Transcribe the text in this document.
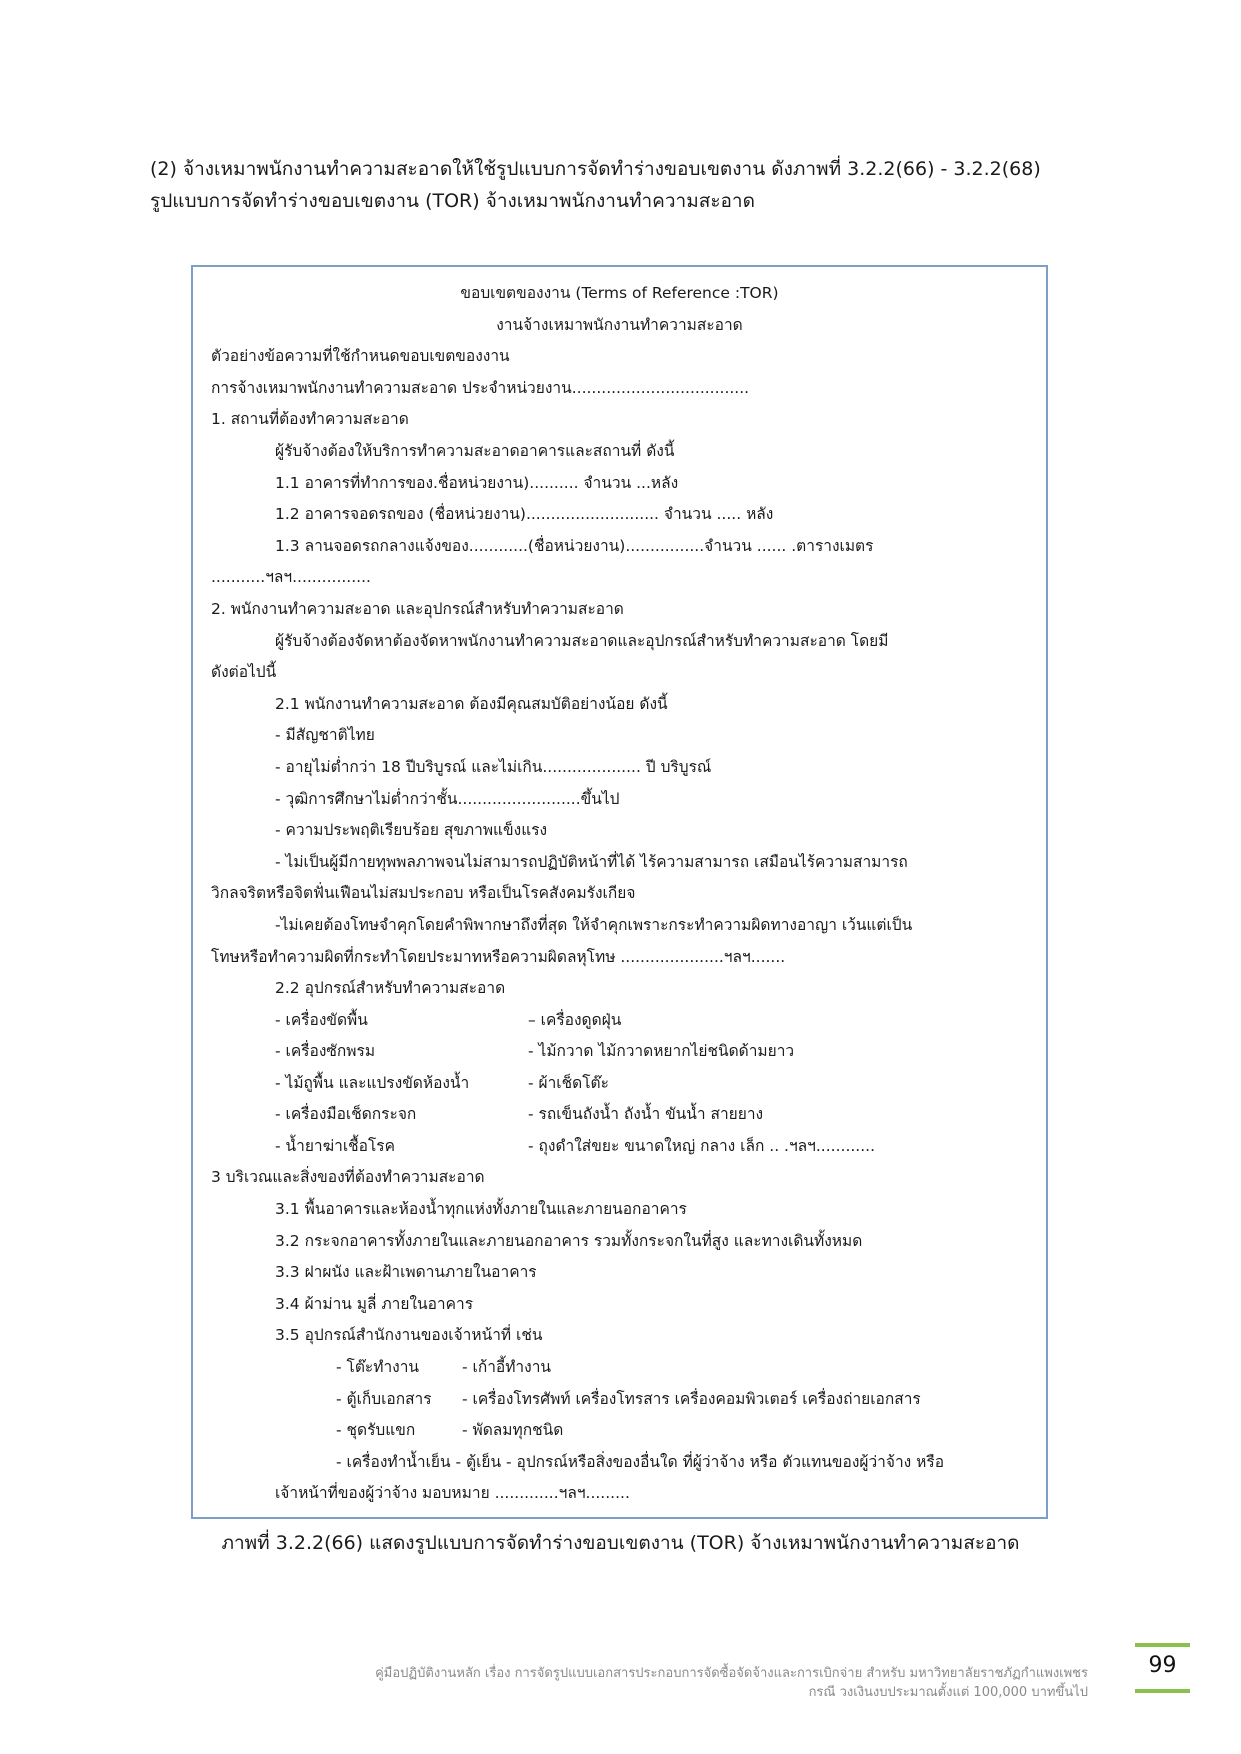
(2) จ้างเหมาพนักงานทำความสะอาดให้ใช้รูปแบบการจัดทำร่างขอบเขตงาน ดังภาพที่ 3.2.2(66) - 3.2.2(68)
รูปแบบการจัดทำร่างขอบเขตงาน (TOR) จ้างเหมาพนักงานทำความสะอาด
ขอบเขตของงาน (Terms of Reference :TOR)
งานจ้างเหมาพนักงานทำความสะอาด
ตัวอย่างข้อความที่ใช้กำหนดขอบเขตของงาน
การจ้างเหมาพนักงานทำความสะอาด ประจำหน่วยงาน....................................
1. สถานที่ต้องทำความสะอาด
ผู้รับจ้างต้องให้บริการทำความสะอาดอาคารและสถานที่ ดังนี้
1.1 อาคารที่ทำการของ.ชื่อหน่วยงาน).......... จำนวน ...หลัง
1.2 อาคารจอดรถของ (ชื่อหน่วยงาน)........................... จำนวน ..... หลัง
1.3 ลานจอดรถกลางแจ้งของ............(ชื่อหน่วยงาน)................จำนวน ...... .ตารางเมตร
...........ฯลฯ................
2. พนักงานทำความสะอาด และอุปกรณ์สำหรับทำความสะอาด
ผู้รับจ้างต้องจัดหาต้องจัดหาพนักงานทำความสะอาดและอุปกรณ์สำหรับทำความสะอาด โดยมี
ดังต่อไปนี้
2.1 พนักงานทำความสะอาด ต้องมีคุณสมบัติอย่างน้อย ดังนี้
- มีสัญชาติไทย
- อายุไม่ต่ำกว่า 18 ปีบริบูรณ์ และไม่เกิน.................... ปี บริบูรณ์
- วุฒิการศึกษาไม่ต่ำกว่าชั้น.........................ขึ้นไป
- ความประพฤติเรียบร้อย สุขภาพแข็งแรง
- ไม่เป็นผู้มีกายทุพพลภาพจนไม่สามารถปฏิบัติหน้าที่ได้ ไร้ความสามารถ เสมือนไร้ความสามารถ
วิกลจริตหรือจิตฟั่นเฟือนไม่สมประกอบ หรือเป็นโรคสังคมรังเกียจ
-ไม่เคยต้องโทษจำคุกโดยคำพิพากษาถึงที่สุด ให้จำคุกเพราะกระทำความผิดทางอาญา เว้นแต่เป็น
โทษหรือทำความผิดที่กระทำโดยประมาทหรือความผิดลหุโทษ .....................ฯลฯ.......
2.2 อุปกรณ์สำหรับทำความสะอาด
- เครื่องขัดพื้น	– เครื่องดูดฝุ่น
- เครื่องซักพรม	- ไม้กวาด ไม้กวาดหยากไย่ชนิดด้ามยาว
- ไม้ถูพื้น และแปรงขัดห้องน้ำ	- ผ้าเช็ดโต๊ะ
- เครื่องมือเช็ดกระจก	- รถเข็นถังน้ำ ถังน้ำ ขันน้ำ สายยาง
- น้ำยาฆ่าเชื้อโรค	- ถุงดำใส่ขยะ ขนาดใหญ่ กลาง เล็ก .. .ฯลฯ............
3 บริเวณและสิ่งของที่ต้องทำความสะอาด
3.1 พื้นอาคารและห้องน้ำทุกแห่งทั้งภายในและภายนอกอาคาร
3.2 กระจกอาคารทั้งภายในและภายนอกอาคาร รวมทั้งกระจกในที่สูง และทางเดินทั้งหมด
3.3 ฝาผนัง และฝ้าเพดานภายในอาคาร
3.4 ผ้าม่าน มูลี่ ภายในอาคาร
3.5 อุปกรณ์สำนักงานของเจ้าหน้าที่ เช่น
- โต๊ะทำงาน	- เก้าอี้ทำงาน
- ตู้เก็บเอกสาร - เครื่องโทรศัพท์ เครื่องโทรสาร เครื่องคอมพิวเตอร์ เครื่องถ่ายเอกสาร
- ชุดรับแขก	- พัดลมทุกชนิด
- เครื่องทำน้ำเย็น - ตู้เย็น - อุปกรณ์หรือสิ่งของอื่นใด ที่ผู้ว่าจ้าง หรือ ตัวแทนของผู้ว่าจ้าง หรือ
เจ้าหน้าที่ของผู้ว่าจ้าง มอบหมาย .............ฯลฯ.........
ภาพที่ 3.2.2(66) แสดงรูปแบบการจัดทำร่างขอบเขตงาน (TOR) จ้างเหมาพนักงานทำความสะอาด
คู่มือปฏิบัติงานหลัก เรื่อง การจัดรูปแบบเอกสารประกอบการจัดซื้อจัดจ้างและการเบิกจ่าย สำหรับ มหาวิทยาลัยราชภัฏกำแพงเพชร
กรณี วงเงินงบประมาณตั้งแต่ 100,000 บาทขึ้นไป
99
